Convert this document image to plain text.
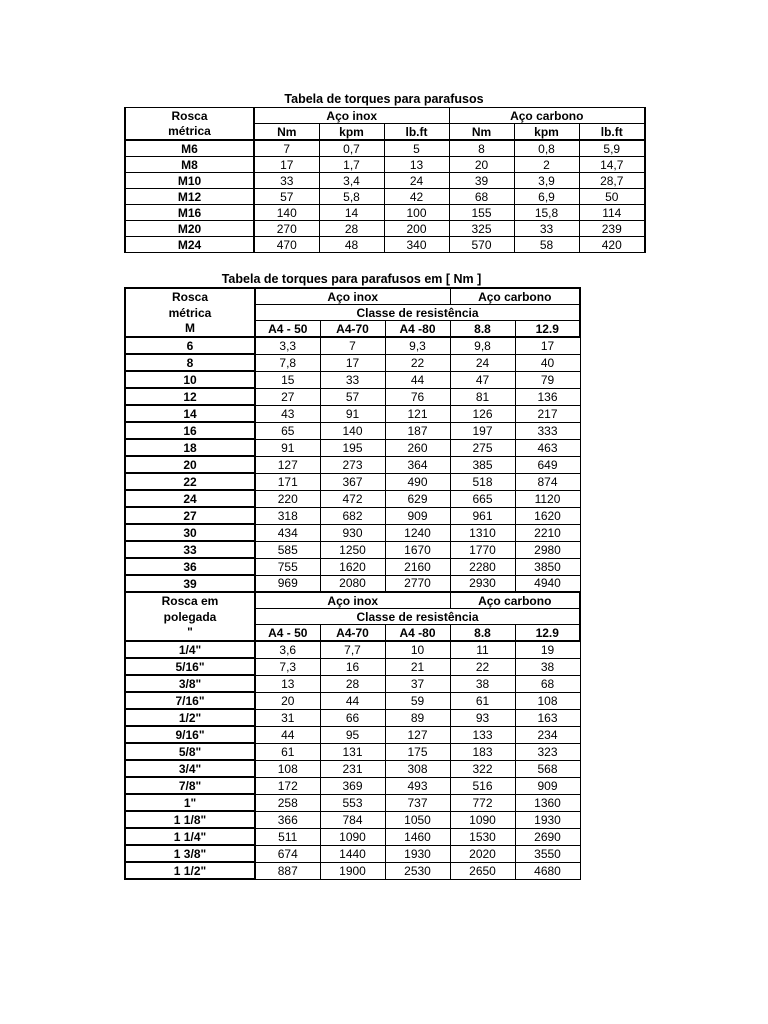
Tabela de torques para parafusos
Rosca	Aço inox			Aço carbono		
métrica	Nm	kpm	lb.ft	Nm	kpm	lb.ft
M6	7	0,7	5	8	0,8	5,9
M8	17	1,7	13	20	2	14,7
M10	33	3,4	24	39	3,9	28,7
M12	57	5,8	42	68	6,9	50
M16	140	14	100	155	15,8	114
M20	270	28	200	325	33	239
M24	470	48	340	570	58	420
Tabela de torques para parafusos em [ Nm ]
Rosca	Aço inox			Aço carbono	
métrica	Classe de resistência				
M	A4 - 50	A4-70	A4 -80	8.8	12.9
6	3,3	7	9,3	9,8	17
8	7,8	17	22	24	40
10	15	33	44	47	79
12	27	57	76	81	136
14	43	91	121	126	217
16	65	140	187	197	333
18	91	195	260	275	463
20	127	273	364	385	649
22	171	367	490	518	874
24	220	472	629	665	1120
27	318	682	909	961	1620
30	434	930	1240	1310	2210
33	585	1250	1670	1770	2980
36	755	1620	2160	2280	3850
39	969	2080	2770	2930	4940
Rosca em	Aço inox			Aço carbono	
polegada	Classe de resistência				
"	A4 - 50	A4-70	A4 -80	8.8	12.9
1/4"	3,6	7,7	10	11	19
5/16"	7,3	16	21	22	38
3/8"	13	28	37	38	68
7/16"	20	44	59	61	108
1/2"	31	66	89	93	163
9/16"	44	95	127	133	234
5/8"	61	131	175	183	323
3/4"	108	231	308	322	568
7/8"	172	369	493	516	909
1"	258	553	737	772	1360
1 1/8"	366	784	1050	1090	1930
1 1/4"	511	1090	1460	1530	2690
1 3/8"	674	1440	1930	2020	3550
1 1/2"	887	1900	2530	2650	4680
